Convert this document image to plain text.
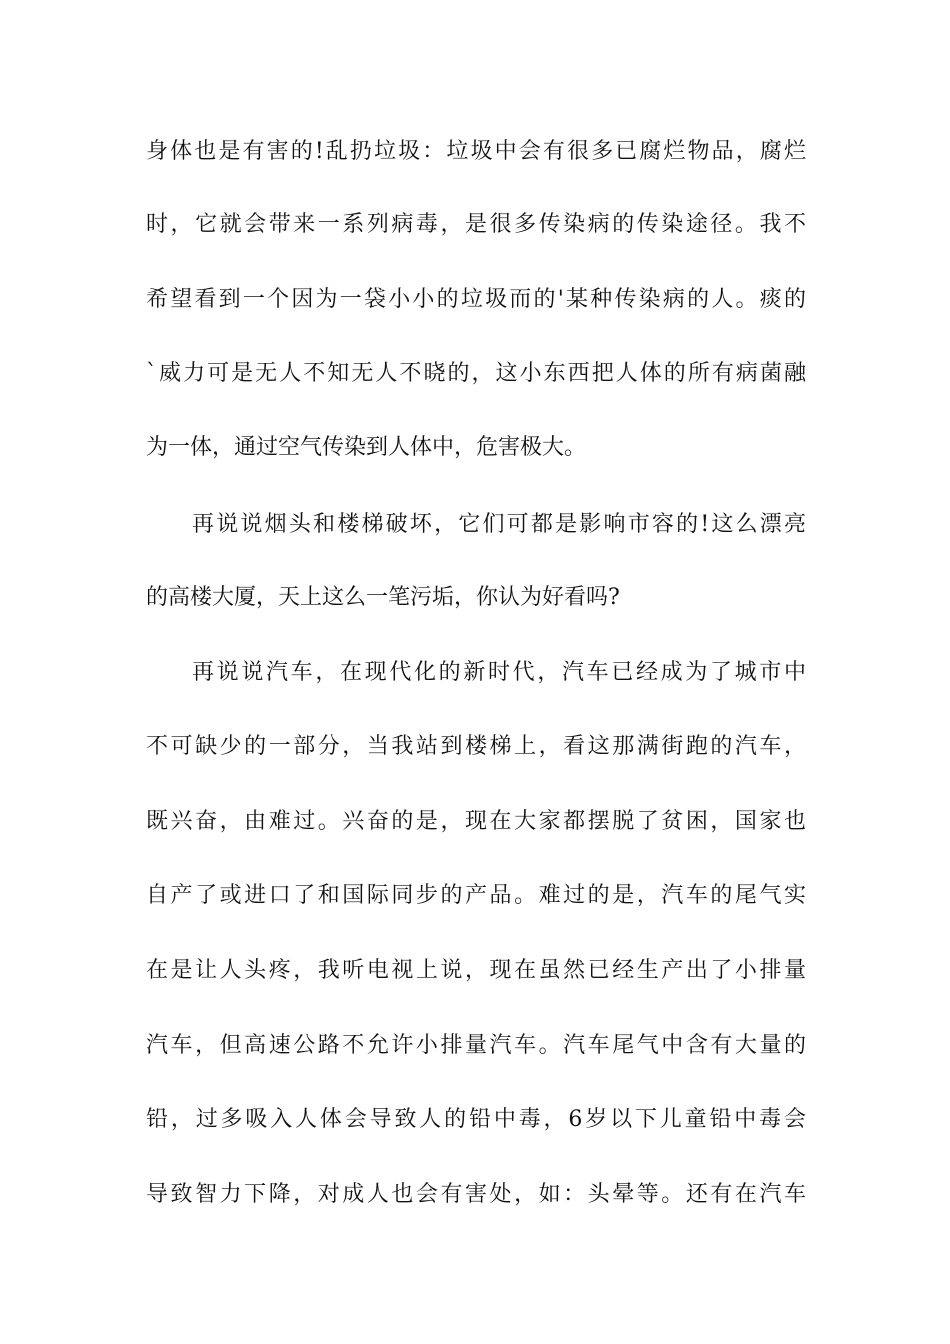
身体也是有害的!乱扔垃圾：垃圾中会有很多已腐烂物品，腐烂
时，它就会带来一系列病毒，是很多传染病的传染途径。我不
希望看到一个因为一袋小小的垃圾而的'某种传染病的人。痰的
`威力可是无人不知无人不晓的，这小东西把人体的所有病菌融
为一体，通过空气传染到人体中，危害极大。
再说说烟头和楼梯破坏，它们可都是影响市容的!这么漂亮
的高楼大厦，天上这么一笔污垢，你认为好看吗?
再说说汽车，在现代化的新时代，汽车已经成为了城市中
不可缺少的一部分，当我站到楼梯上，看这那满街跑的汽车，
既兴奋，由难过。兴奋的是，现在大家都摆脱了贫困，国家也
自产了或进口了和国际同步的产品。难过的是，汽车的尾气实
在是让人头疼，我听电视上说，现在虽然已经生产出了小排量
汽车，但高速公路不允许小排量汽车。汽车尾气中含有大量的
铅，过多吸入人体会导致人的铅中毒，6岁以下儿童铅中毒会
导致智力下降，对成人也会有害处，如：头晕等。还有在汽车
